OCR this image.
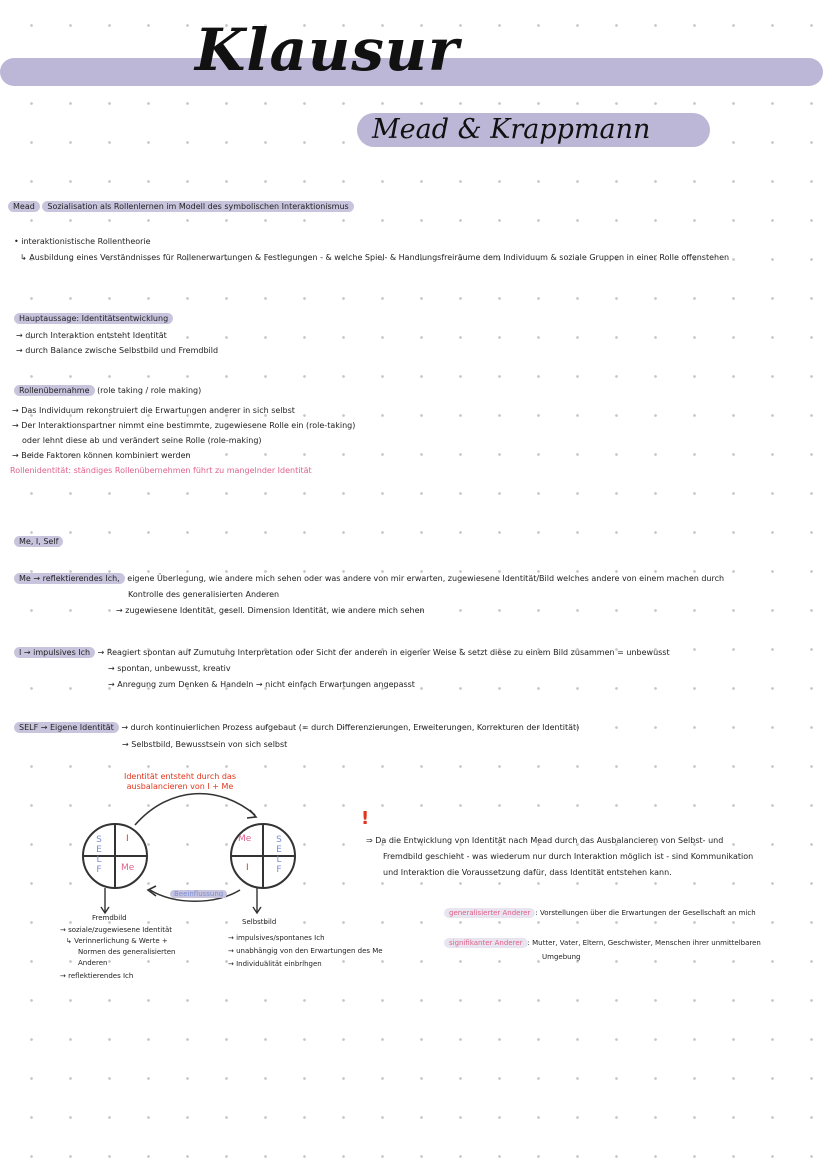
Klausur
Mead & Krappmann
Mead Sozialisation als Rollenlernen im Modell des symbolischen Interaktionismus
• interaktionistische Rollentheorie
↳ Ausbildung eines Verständnisses für Rollenerwartungen & Festlegungen - & welche Spiel- & Handlungsfreiräume dem Individuum & soziale Gruppen in einer Rolle offenstehen
Hauptaussage: Identitätsentwicklung
→ durch Interaktion entsteht Identität
→ durch Balance zwische Selbstbild und Fremdbild
Rollenübernahme (role taking / role making)
→ Das Individuum rekonstruiert die Erwartungen anderer in sich selbst
→ Der Interaktionspartner nimmt eine bestimmte, zugewiesene Rolle ein (role-taking)
oder lehnt diese ab und verändert seine Rolle (role-making)
→ Beide Faktoren können kombiniert werden
Rollenidentität: ständiges Rollenübernehmen führt zu mangelnder Identität
Me, I, Self
Me → reflektierendes Ich, eigene Überlegung, wie andere mich sehen oder was andere von mir erwarten, zugewiesene Identität/Bild welches andere von einem machen durch
Kontrolle des generalisierten Anderen
→ zugewiesene Identität, gesell. Dimension Identität, wie andere mich sehen
I → impulsives Ich → Reagiert spontan auf Zumutung Interpretation oder Sicht der anderen in eigener Weise & setzt diese zu einem Bild zusammen = unbewusst
→ spontan, unbewusst, kreativ
→ Anregung zum Denken & Handeln → nicht einfach Erwartungen angepasst
SELF → Eigene Identität → durch kontinuierlichen Prozess aufgebaut (= durch Differenzierungen, Erweiterungen, Korrekturen der Identität)
→ Selbstbild, Bewusstsein von sich selbst
Identität entsteht durch das ausbalancieren von I + Me
Beeinflussung
I
Me
S
E
L
F
Me
I
S
E
L
F
Fremdbild
→ soziale/zugewiesene Identität
↳ Verinnerlichung & Werte +
Normen des generalisierten
Anderen
→ reflektierendes Ich
Selbstbild
→ impulsives/spontanes Ich
→ unabhängig von den Erwartungen des Me
→ Individualität einbringen
!
⇒ Da die Entwicklung von Identität nach Mead durch das Ausbalancieren von Selbst- und
Fremdbild geschieht - was wiederum nur durch Interaktion möglich ist - sind Kommunikation
und Interaktion die Voraussetzung dafür, dass Identität entstehen kann.
generalisierter Anderer : Vorstellungen über die Erwartungen der Gesellschaft an mich
signifikanter Anderer : Mutter, Vater, Eltern, Geschwister, Menschen ihrer unmittelbaren
Umgebung
